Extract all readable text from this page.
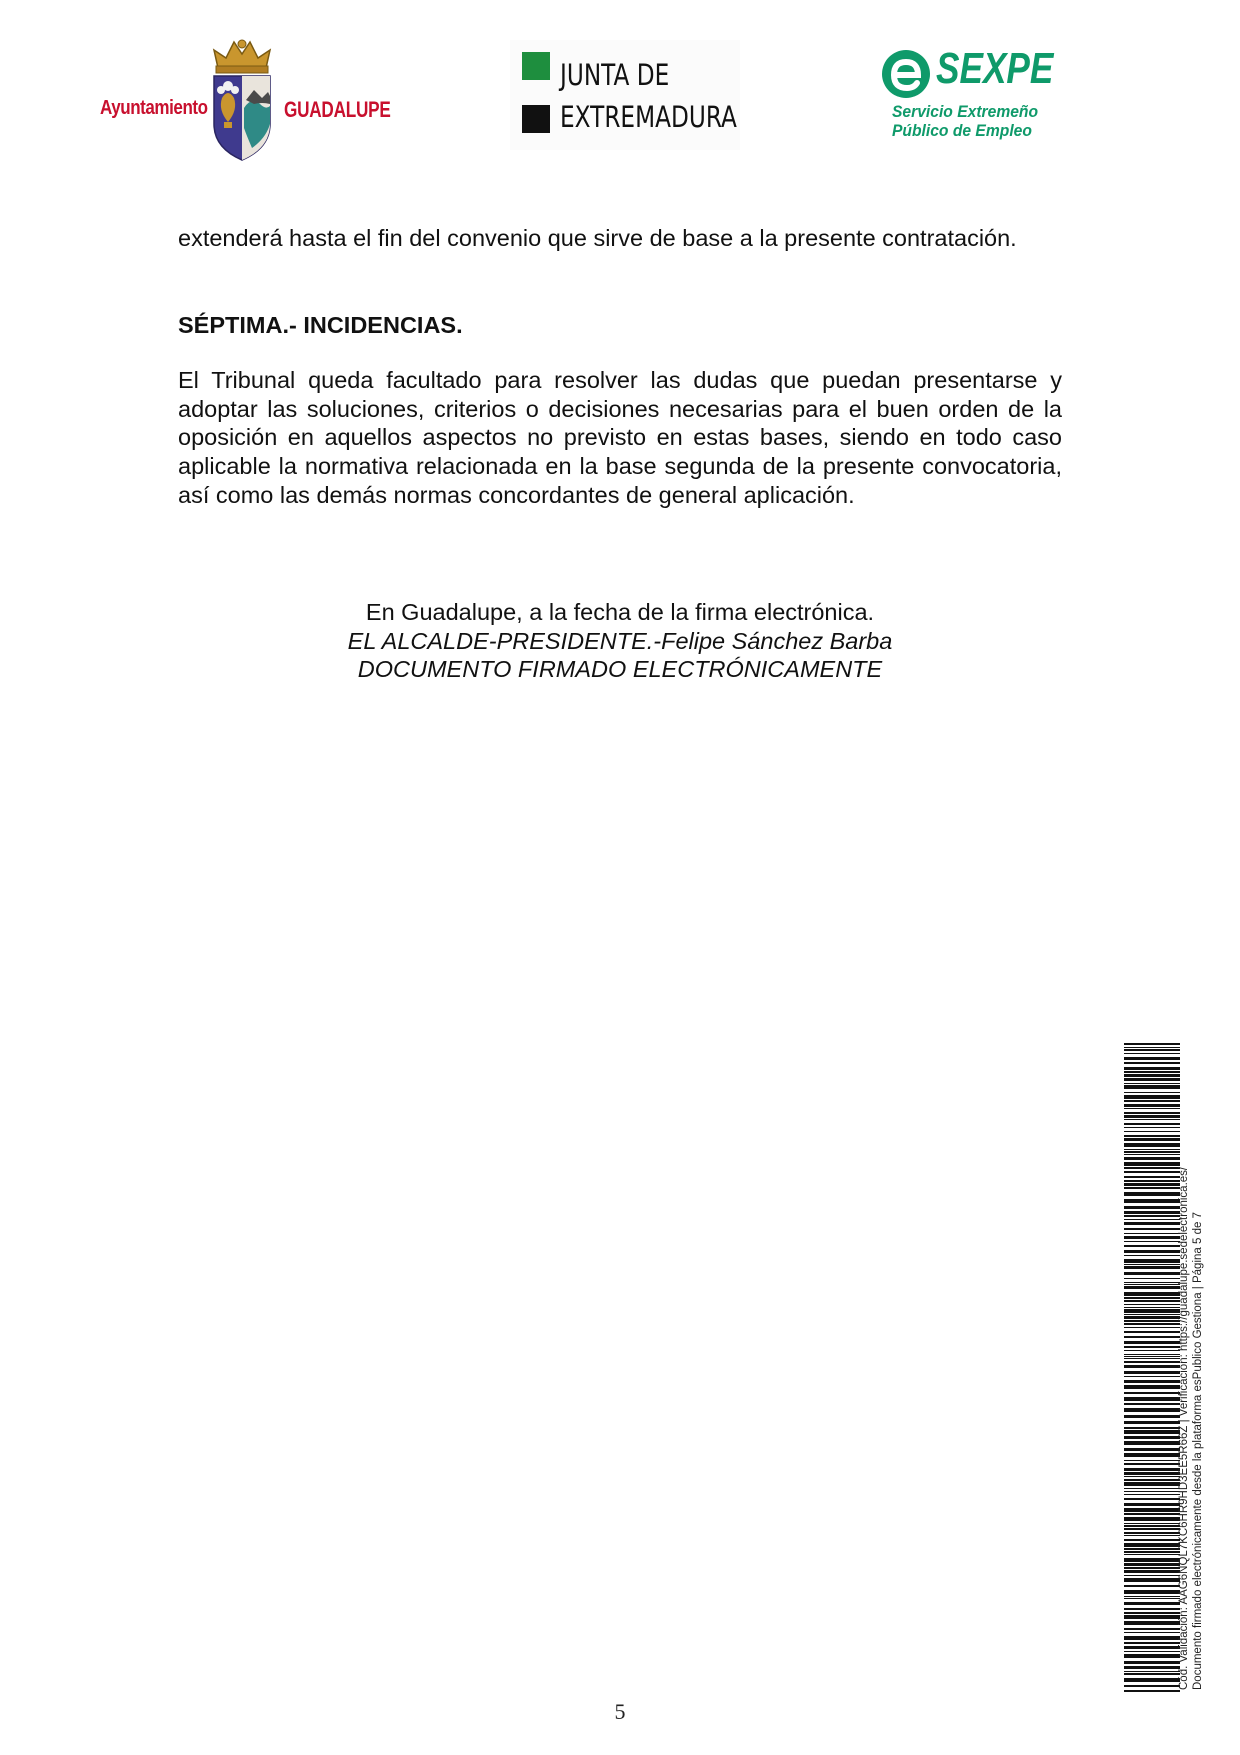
Ayuntamiento	GUADALUPE
JUNTA DE
EXTREMADURA
SEXPE
Servicio Extremeño
Público de Empleo

extenderá hasta el fin del convenio que sirve de base a la presente contratación.

SÉPTIMA.- INCIDENCIAS.

El Tribunal queda facultado para resolver las dudas que puedan presentarse y adoptar las soluciones, criterios o decisiones necesarias para el buen orden de la oposición en aquellos aspectos no previsto en estas bases, siendo en todo caso aplicable la normativa relacionada en la base segunda de la presente convocatoria, así como las demás normas concordantes de general aplicación.

En Guadalupe, a la fecha de la firma electrónica.
EL ALCALDE-PRESIDENTE.-Felipe Sánchez Barba
DOCUMENTO FIRMADO ELECTRÓNICAMENTE
Cód. Validación: AAG6NQL7KC6HR9HD3EE5R66Z | Verificación: https://guadalupe.sedelectronica.es/ Documento firmado electrónicamente desde la plataforma esPublico Gestiona | Página 5 de 7
5
